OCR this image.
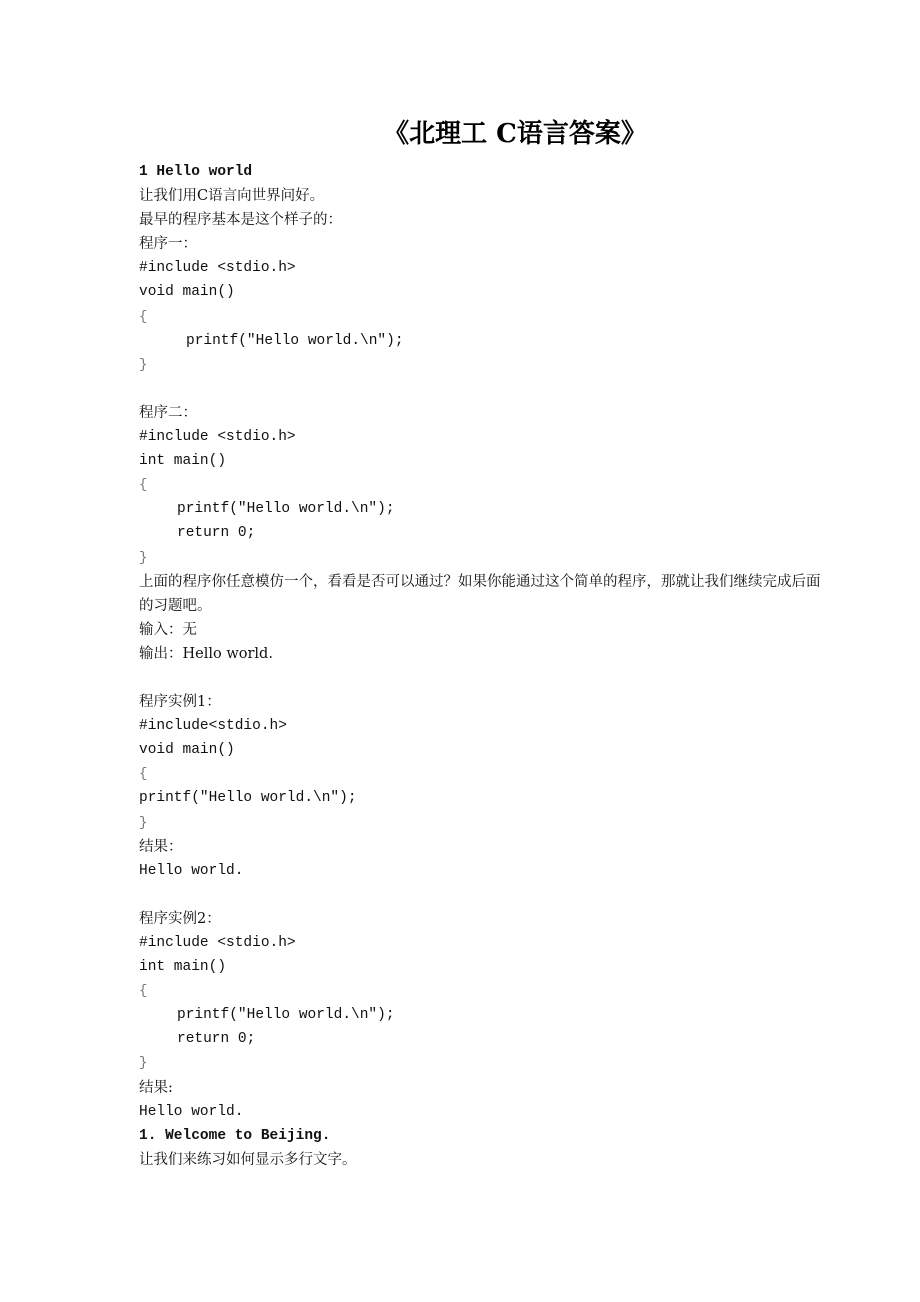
《北理工 C语言答案》
1 Hello world
让我们用C语言向世界问好。
最早的程序基本是这个样子的：
程序一：
#include <stdio.h>
void main()
{
printf("Hello world.\n");
}
程序二：
#include <stdio.h>
int main()
{
printf("Hello world.\n");
return 0;
}
上面的程序你任意模仿一个，看看是否可以通过？如果你能通过这个简单的程序，那就让我们继续完成后面的习题吧。
输入：无
输出：Hello world.
程序实例1：
#include<stdio.h>
void main()
{
printf("Hello world.\n");
}
结果：
Hello world.
程序实例2：
#include <stdio.h>
int main()
{
printf("Hello world.\n");
return 0;
}
结果:
Hello world.
1. Welcome to Beijing.
让我们来练习如何显示多行文字。
